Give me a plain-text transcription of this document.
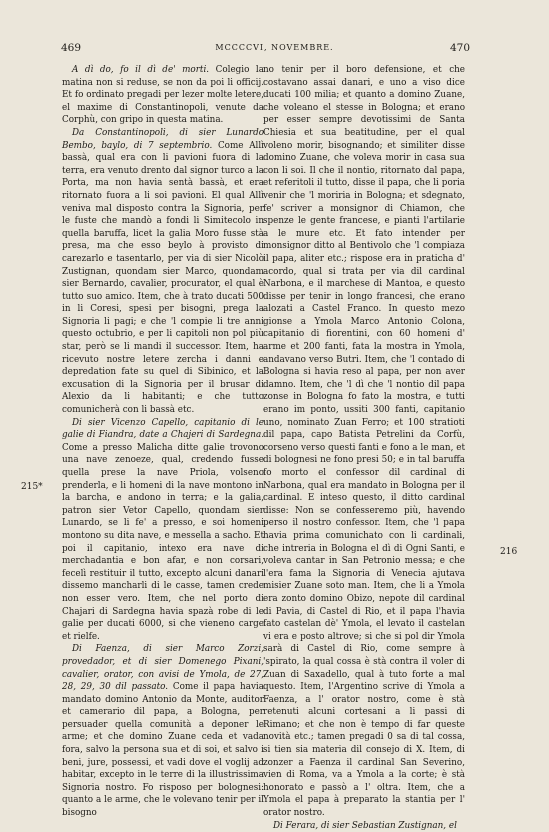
469	MCCCCVI, NOVEMBRE.	470
215*
216

A dì do, fo il dì de' morti. Colegio la matina non si reduse, se non da poi li officij. Et fo ordinato pregadi per lezer molte letere, el maxime di Constantinopoli, venute da Corphù, con gripo in questa matina.

Da Constantinopoli, di sier Lunardo Bembo, baylo, di 7 septembrio. Come Allì bassà, qual era con li pavioni fuora di la terra, era venuto drento dal signor turco a la Porta, ma non havia sentà bassà, et era ritornato fuora a li soi pavioni. El qual Allì veniva mal disposto contra la Signoria, per le fuste che mandò a fondi li Simitecolo in quella baruffa, licet la galia Moro fusse stà presa, ma che esso beylo à provisto di carezarlo e tasentarlo, per via di sier Nicolò Zustignan, quondam sier Marco, quondam sier Bernardo, cavalier, procurator, el qual è tutto suo amico. Item, che à trato ducati 500 in li Coresi, spesi per bisogni, prega la Signoria li pagi; e che 'l compie li tre anni questo octubrio, e per li capitoli non pol più star, però se li mandi il successor. Item, ha ricevuto nostre letere zercha i danni e depredation fate su quel di Sibinico, et la excusation di la Signoria per il brusar di Alexio da li habitanti; e che tutto comunicherà con li bassà etc.

Di sier Vicenzo Capello, capitanio di le galie di Fiandra, date a Chajeri di Sardegna. Come a presso Malicha ditte galie trovono una nave zenoeze, qual, credendo fusse quella prese la nave Priola, volseno prenderla, e li homeni di la nave montono in la barcha, e andono in terra; e la galia, patron sier Vetor Capello, quondam sier Lunardo, se li fe' a presso, e soi homeni montono su dita nave, e messella a sacho. Et poi il capitanio, intexo era nave di merchadantia e bon afar, e non corsari, fecelì restituir il tutto, excepto alcuni danari dissemo mancharli di le casse, tamen crede non esser vero. Item, che nel porto di Chajari di Sardegna havia spazà robe di le galie per ducati 6000, si che vieneno carge et rielfe.

Di Faenza, di sier Marco Zorzi, provedador, et di sier Domenego Pixani, cavalier, orator, con avisi de Ymola, de 27, 28, 29, 30 dil passato. Come il papa havia mandato domino Antonio da Monte, auditor et camerario dil papa, a Bologna, per persuader quella comunità a deponer le arme; et che domino Zuane ceda et vada fora, salvo la persona sua et di soi, et salvo i beni, jure, possessi, et vadi dove el voglij ad habitar, excepto in le terre di la illustrissima Signoria nostro. Fo risposo per bolognesi: quanto a le arme, che le volevano tenir per il bisogno

no tenir per il boro defensione, et che costavano assai danari, e uno a viso dice ducati 100 milia; et quanto a domino Zuane, che voleano el stesse in Bologna; et erano per esser sempre devotissimi de Santa Chiesia et sua beatitudine, per el qual voleno morir, bisognando; et similiter disse domino Zuane, che voleva morir in casa sua con li soi. Il che il nontio, ritornato dal papa, et referitoli il tutto, disse il papa, che li poria venir che 'l moriria in Bologna; et sdegnato, fe' scriver a monsignor di Chiamon, che spenze le gente francese, e pianti l'artilarie a le mure etc. Et fato intender per monsignor ditto al Bentivolo che 'l compiaza il papa, aliter etc.; rispose era in praticha d' acordo, qual si trata per via dil cardinal Narbona, e il marchese di Mantoa, e questo disse per tenir in longo francesi, che erano alozati a Castel Franco. In questo mezo gionse a Ymola Marco Antonio Colona, capitanio di fiorentini, con 60 homeni d' arme et 200 fanti, fata la mostra in Ymola, andavano verso Butri. Item, che 'l contado di Bologna si havia reso al papa, per non aver damno. Item, che 'l dì che 'l nontio dil papa zonse in Bologna fo fato la mostra, e tutti erano im ponto, ussiti 300 fanti, capitanio uno, nominato Zuan Ferro; et 100 stratioti dil papa, capo Batista Petrelini da Corfù, corseno verso questi fanti e fono a le man, et di bolognesi ne fono presi 50; e in tal baruffa fo morto el confessor dil cardinal di Narbona, qual era mandato in Bologna per il cardinal. E inteso questo, il ditto cardinal disse: Non se confesseremo più, havendo perso il nostro confessor. Item, che 'l papa havia prima comunichato con li cardinali, che intreria in Bologna el dì di Ogni Santi, e voleva cantar in San Petronio messa; e che l'era fama la Signoria di Venecia ajutava misier Zuane soto man. Item, che li a Ymola era zonto domino Obizo, nepote dil cardinal di Pavia, di Castel di Rio, et il papa l'havia fato castelan dè' Ymola, el levato il castelan vi era e posto altrove; si che si pol dir Ymola sarà di Castel di Rio, come sempre à 'spirato, la qual cossa è stà contra il voler di Zuan di Saxadello, qual à tuto forte a mal questo. Item, l'Argentino scrive di Ymola a Faenza, a l' orator nostro, come è stà retenuti alcuni cortesani a li passi di Rimano; et che non è tempo di far queste novità etc.; tamen pregadi 0 sa di tal cossa, si tien sia materia dil consejo di X. Item, di zonzer a Faenza il cardinal San Severino, vien di Roma, va a Ymola a la corte; è stà honorato e passò a l' oltra. Item, che a Ymola el papa à preparato la stantia per l' orator nostro.

Di Ferara, di sier Sebastian Zustignan, el
